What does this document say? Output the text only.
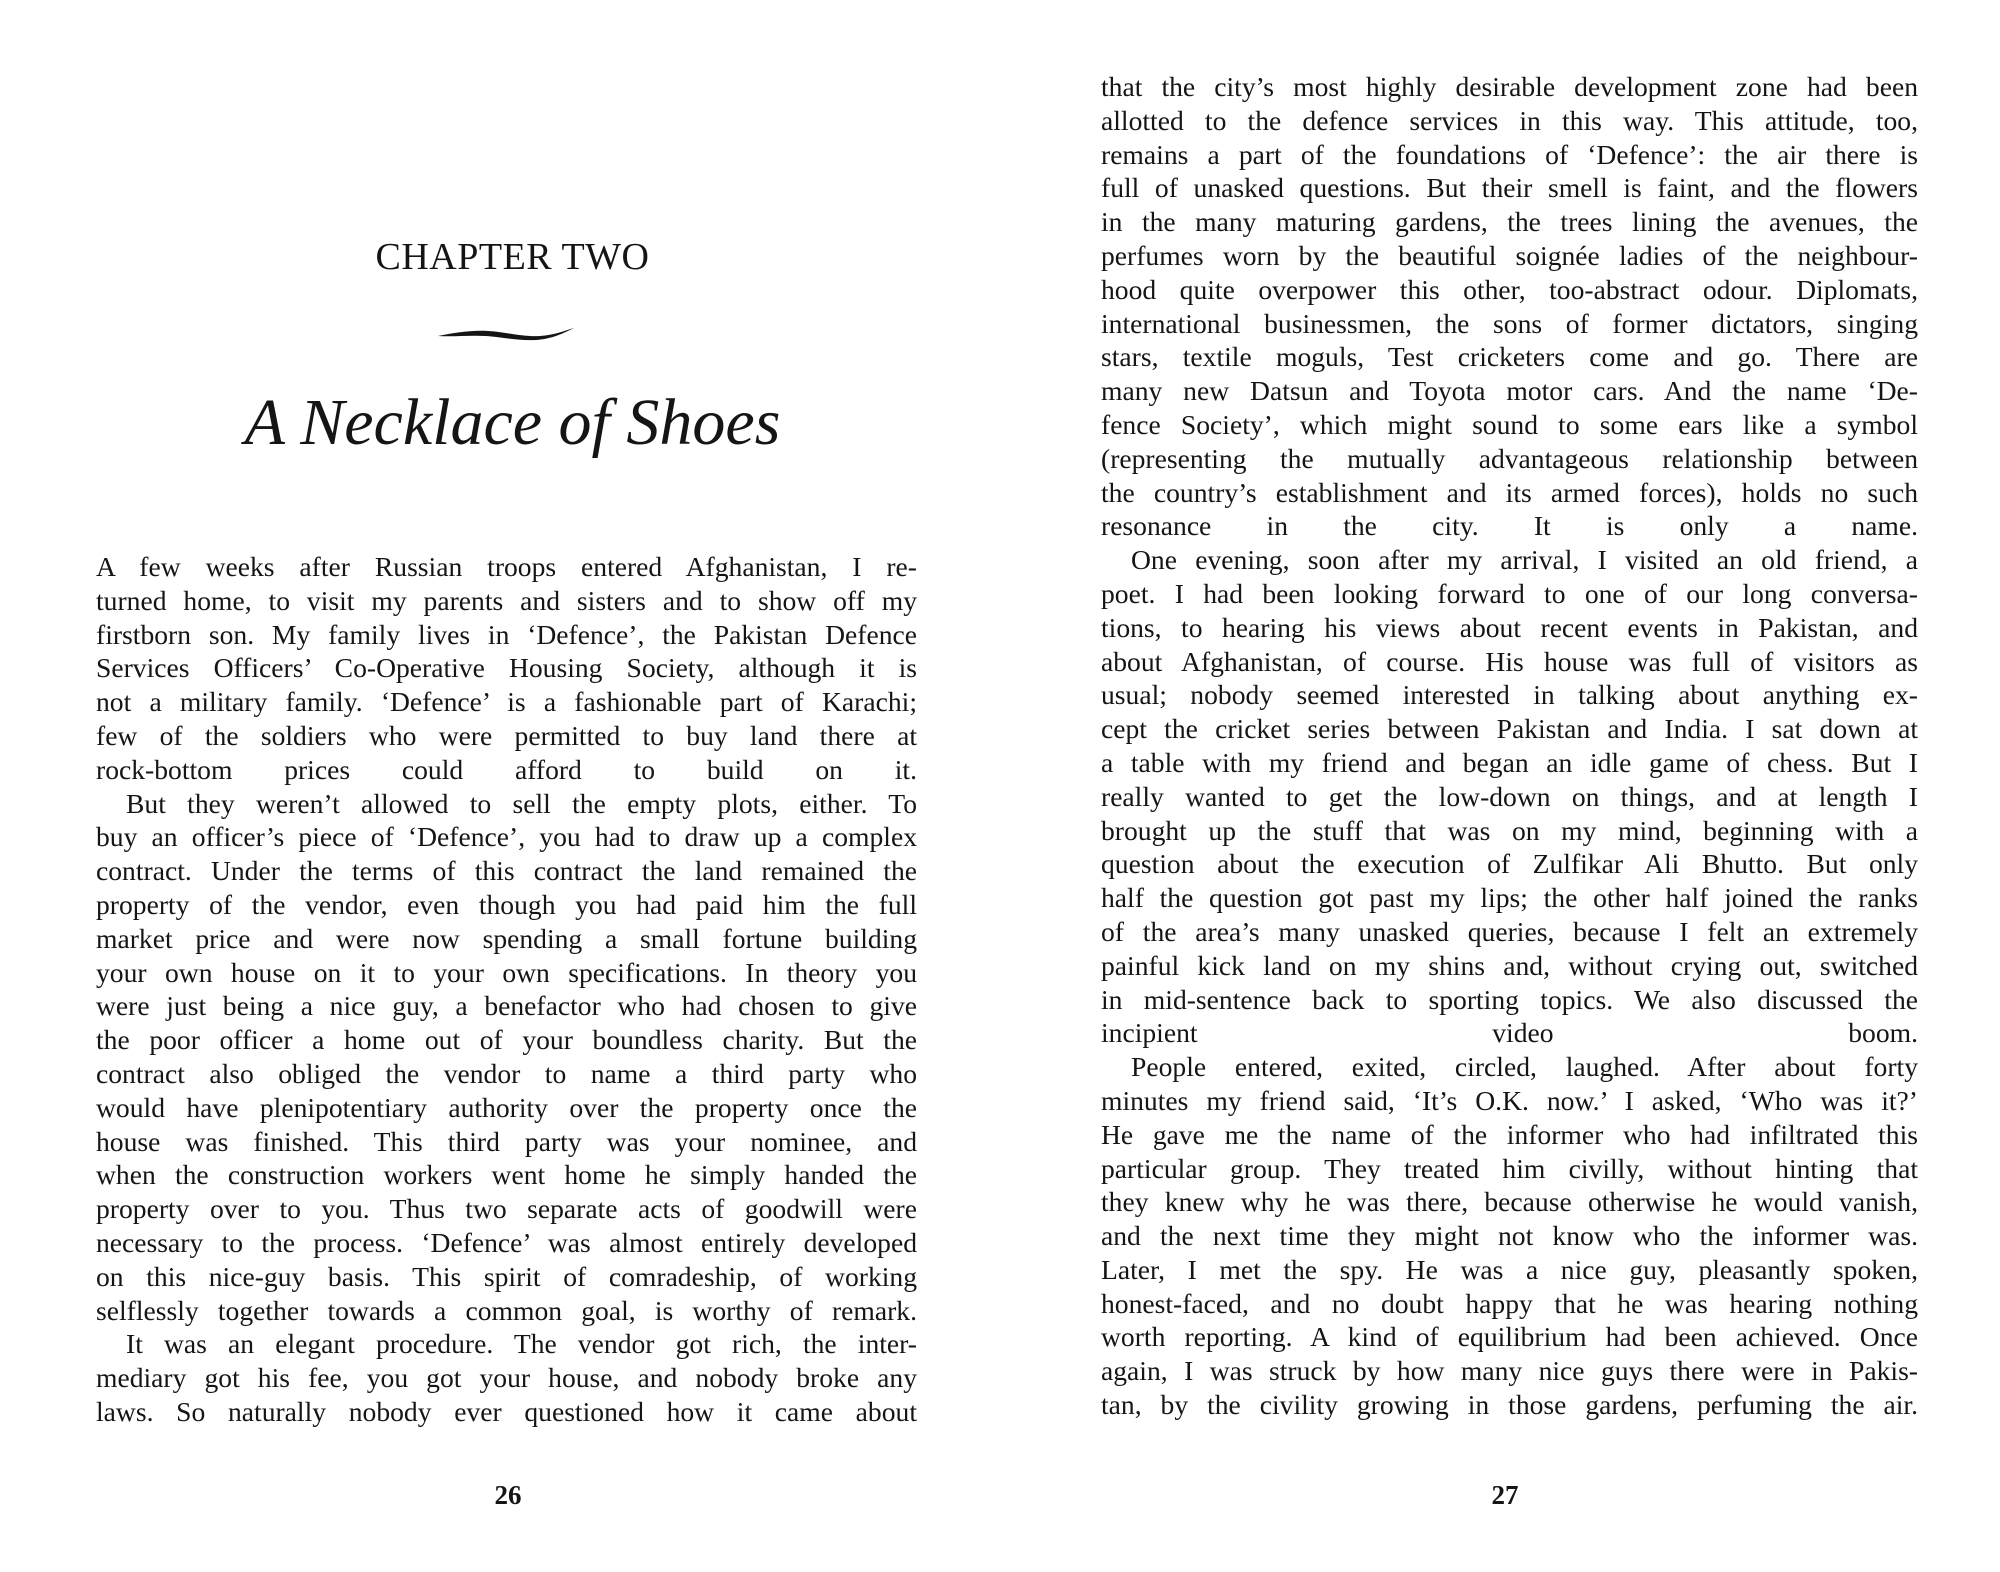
CHAPTER TWO
A Necklace of Shoes
A few weeks after Russian troops entered Afghanistan, I re-
turned home, to visit my parents and sisters and to show off my
firstborn son. My family lives in ‘Defence’, the Pakistan Defence
Services Officers’ Co-Operative Housing Society, although it is
not a military family. ‘Defence’ is a fashionable part of Karachi;
few of the soldiers who were permitted to buy land there at
rock-bottom prices could afford to build on it.
But they weren’t allowed to sell the empty plots, either. To
buy an officer’s piece of ‘Defence’, you had to draw up a complex
contract. Under the terms of this contract the land remained the
property of the vendor, even though you had paid him the full
market price and were now spending a small fortune building
your own house on it to your own specifications. In theory you
were just being a nice guy, a benefactor who had chosen to give
the poor officer a home out of your boundless charity. But the
contract also obliged the vendor to name a third party who
would have plenipotentiary authority over the property once the
house was finished. This third party was your nominee, and
when the construction workers went home he simply handed the
property over to you. Thus two separate acts of goodwill were
necessary to the process. ‘Defence’ was almost entirely developed
on this nice-guy basis. This spirit of comradeship, of working
selflessly together towards a common goal, is worthy of remark.
It was an elegant procedure. The vendor got rich, the inter-
mediary got his fee, you got your house, and nobody broke any
laws. So naturally nobody ever questioned how it came about
26
that the city’s most highly desirable development zone had been
allotted to the defence services in this way. This attitude, too,
remains a part of the foundations of ‘Defence’: the air there is
full of unasked questions. But their smell is faint, and the flowers
in the many maturing gardens, the trees lining the avenues, the
perfumes worn by the beautiful soignée ladies of the neighbour-
hood quite overpower this other, too-abstract odour. Diplomats,
international businessmen, the sons of former dictators, singing
stars, textile moguls, Test cricketers come and go. There are
many new Datsun and Toyota motor cars. And the name ‘De-
fence Society’, which might sound to some ears like a symbol
(representing the mutually advantageous relationship between
the country’s establishment and its armed forces), holds no such
resonance in the city. It is only a name.
One evening, soon after my arrival, I visited an old friend, a
poet. I had been looking forward to one of our long conversa-
tions, to hearing his views about recent events in Pakistan, and
about Afghanistan, of course. His house was full of visitors as
usual; nobody seemed interested in talking about anything ex-
cept the cricket series between Pakistan and India. I sat down at
a table with my friend and began an idle game of chess. But I
really wanted to get the low-down on things, and at length I
brought up the stuff that was on my mind, beginning with a
question about the execution of Zulfikar Ali Bhutto. But only
half the question got past my lips; the other half joined the ranks
of the area’s many unasked queries, because I felt an extremely
painful kick land on my shins and, without crying out, switched
in mid-sentence back to sporting topics. We also discussed the
incipient video boom.
People entered, exited, circled, laughed. After about forty
minutes my friend said, ‘It’s O.K. now.’ I asked, ‘Who was it?’
He gave me the name of the informer who had infiltrated this
particular group. They treated him civilly, without hinting that
they knew why he was there, because otherwise he would vanish,
and the next time they might not know who the informer was.
Later, I met the spy. He was a nice guy, pleasantly spoken,
honest-faced, and no doubt happy that he was hearing nothing
worth reporting. A kind of equilibrium had been achieved. Once
again, I was struck by how many nice guys there were in Pakis-
tan, by the civility growing in those gardens, perfuming the air.
27
